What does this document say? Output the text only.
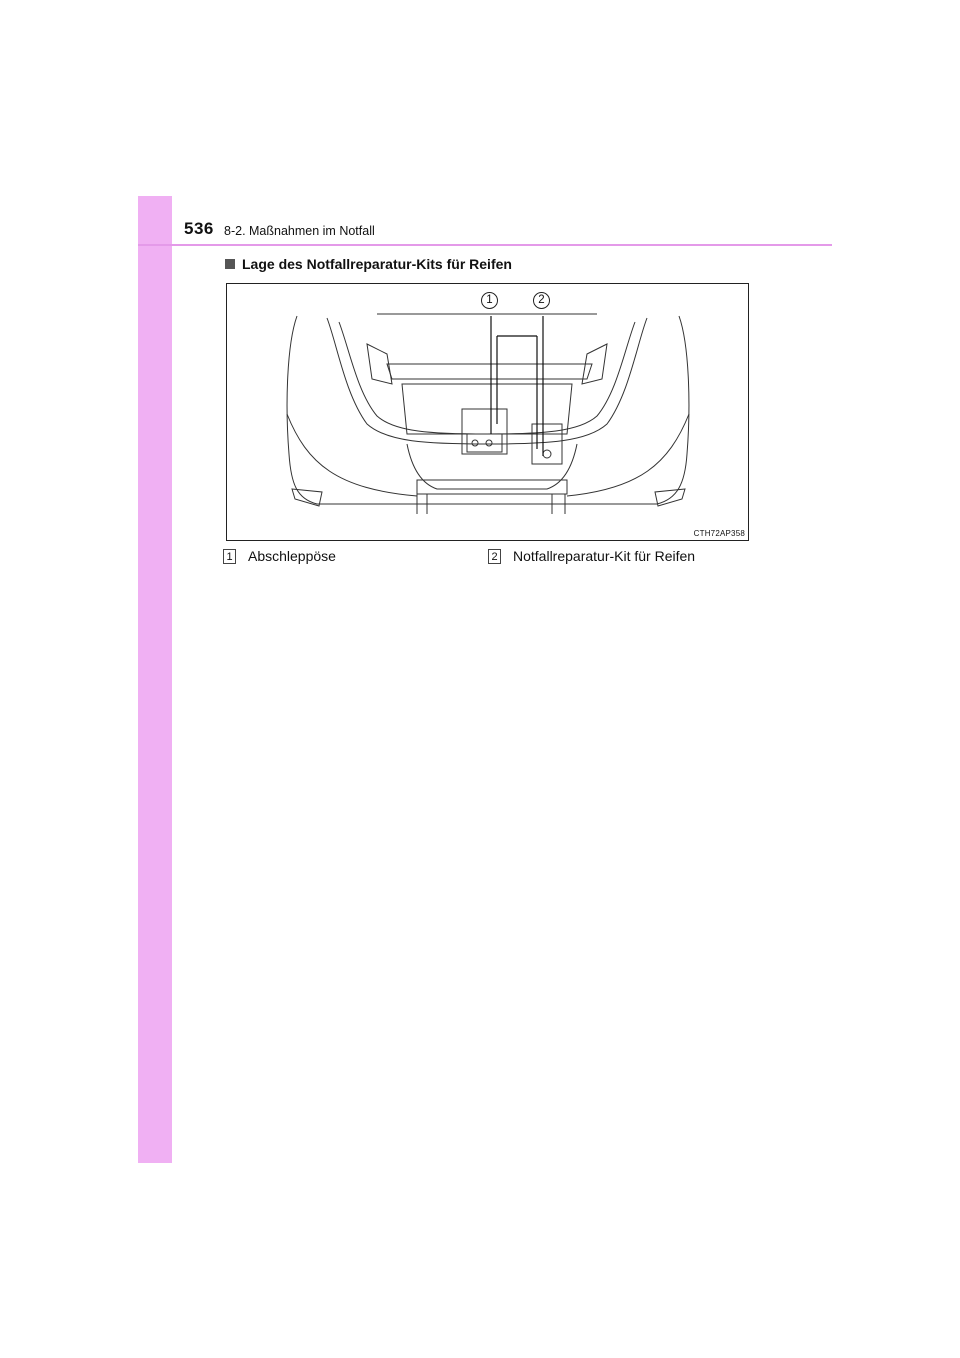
536 8-2. Maßnahmen im Notfall
Lage des Notfallreparatur-Kits für Reifen
1	2
CTH72AP358
1 Abschleppöse	2 Notfallreparatur-Kit für Reifen
